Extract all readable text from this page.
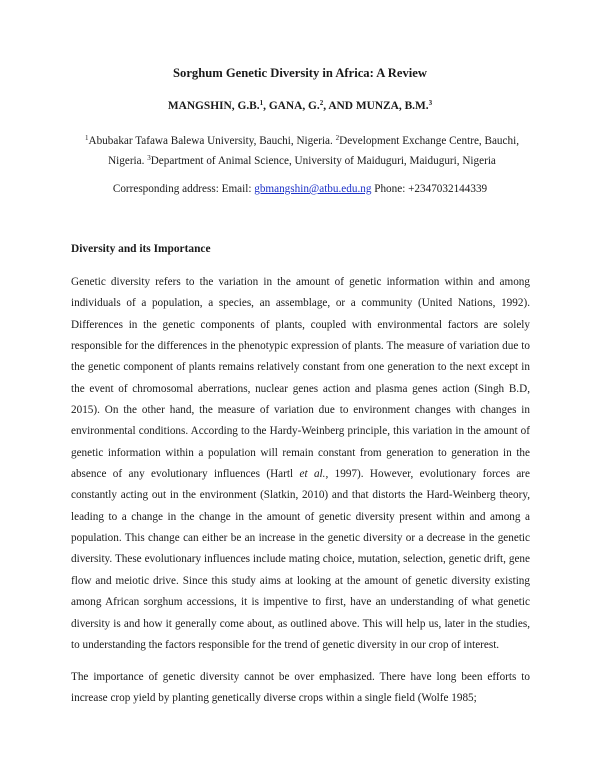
Sorghum Genetic Diversity in Africa: A Review
MANGSHIN, G.B.$^1$, GANA, G.$^2$, AND MUNZA, B.M.$^3$
$^1$Abubakar Tafawa Balewa University, Bauchi, Nigeria. $^2$Development Exchange Centre, Bauchi, Nigeria. $^3$Department of Animal Science, University of Maiduguri, Maiduguri, Nigeria
Corresponding address: Email: gbmangshin@atbu.edu.ng Phone: +2347032144339
Diversity and its Importance
Genetic diversity refers to the variation in the amount of genetic information within and among individuals of a population, a species, an assemblage, or a community (United Nations, 1992). Differences in the genetic components of plants, coupled with environmental factors are solely responsible for the differences in the phenotypic expression of plants. The measure of variation due to the genetic component of plants remains relatively constant from one generation to the next except in the event of chromosomal aberrations, nuclear genes action and plasma genes action (Singh B.D, 2015). On the other hand, the measure of variation due to environment changes with changes in environmental conditions. According to the Hardy-Weinberg principle, this variation in the amount of genetic information within a population will remain constant from generation to generation in the absence of any evolutionary influences (Hartl et al., 1997). However, evolutionary forces are constantly acting out in the environment (Slatkin, 2010) and that distorts the Hard-Weinberg theory, leading to a change in the change in the amount of genetic diversity present within and among a population. This change can either be an increase in the genetic diversity or a decrease in the genetic diversity. These evolutionary influences include mating choice, mutation, selection, genetic drift, gene flow and meiotic drive. Since this study aims at looking at the amount of genetic diversity existing among African sorghum accessions, it is impentive to first, have an understanding of what genetic diversity is and how it generally come about, as outlined above. This will help us, later in the studies, to understanding the factors responsible for the trend of genetic diversity in our crop of interest.
The importance of genetic diversity cannot be over emphasized. There have long been efforts to increase crop yield by planting genetically diverse crops within a single field (Wolfe 1985;
